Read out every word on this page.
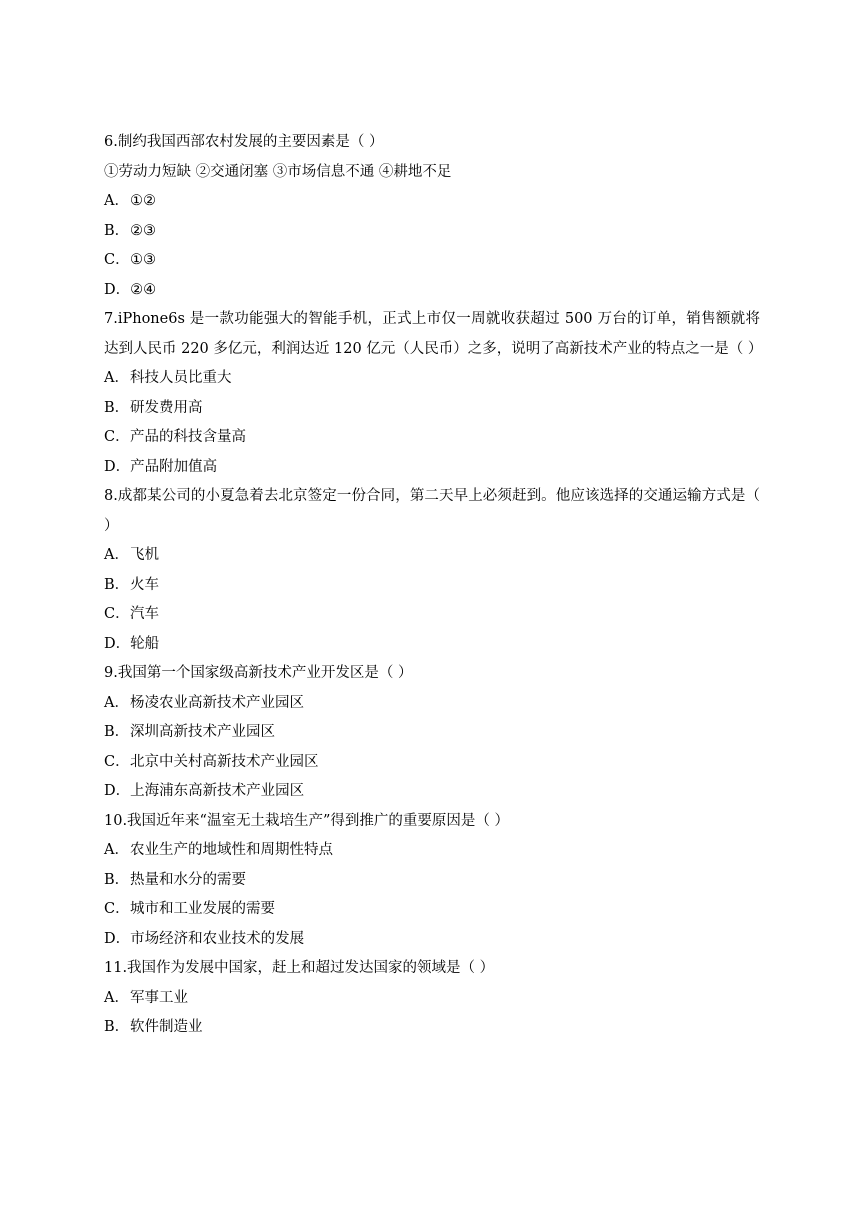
6.制约我国西部农村发展的主要因素是（ ）
①劳动力短缺 ②交通闭塞 ③市场信息不通 ④耕地不足
A．①②
B．②③
C．①③
D．②④
7.iPhone6s 是一款功能强大的智能手机，正式上市仅一周就收获超过 500 万台的订单，销售额就将达到人民币 220 多亿元，利润达近 120 亿元（人民币）之多，说明了高新技术产业的特点之一是（ ）
A．科技人员比重大
B．研发费用高
C．产品的科技含量高
D．产品附加值高
8.成都某公司的小夏急着去北京签定一份合同，第二天早上必须赶到。他应该选择的交通运输方式是（ ）
A．飞机
B．火车
C．汽车
D．轮船
9.我国第一个国家级高新技术产业开发区是（ ）
A．杨凌农业高新技术产业园区
B．深圳高新技术产业园区
C．北京中关村高新技术产业园区
D．上海浦东高新技术产业园区
10.我国近年来“温室无土栽培生产”得到推广的重要原因是（ ）
A．农业生产的地域性和周期性特点
B．热量和水分的需要
C．城市和工业发展的需要
D．市场经济和农业技术的发展
11.我国作为发展中国家，赶上和超过发达国家的领域是（ ）
A．军事工业
B．软件制造业
